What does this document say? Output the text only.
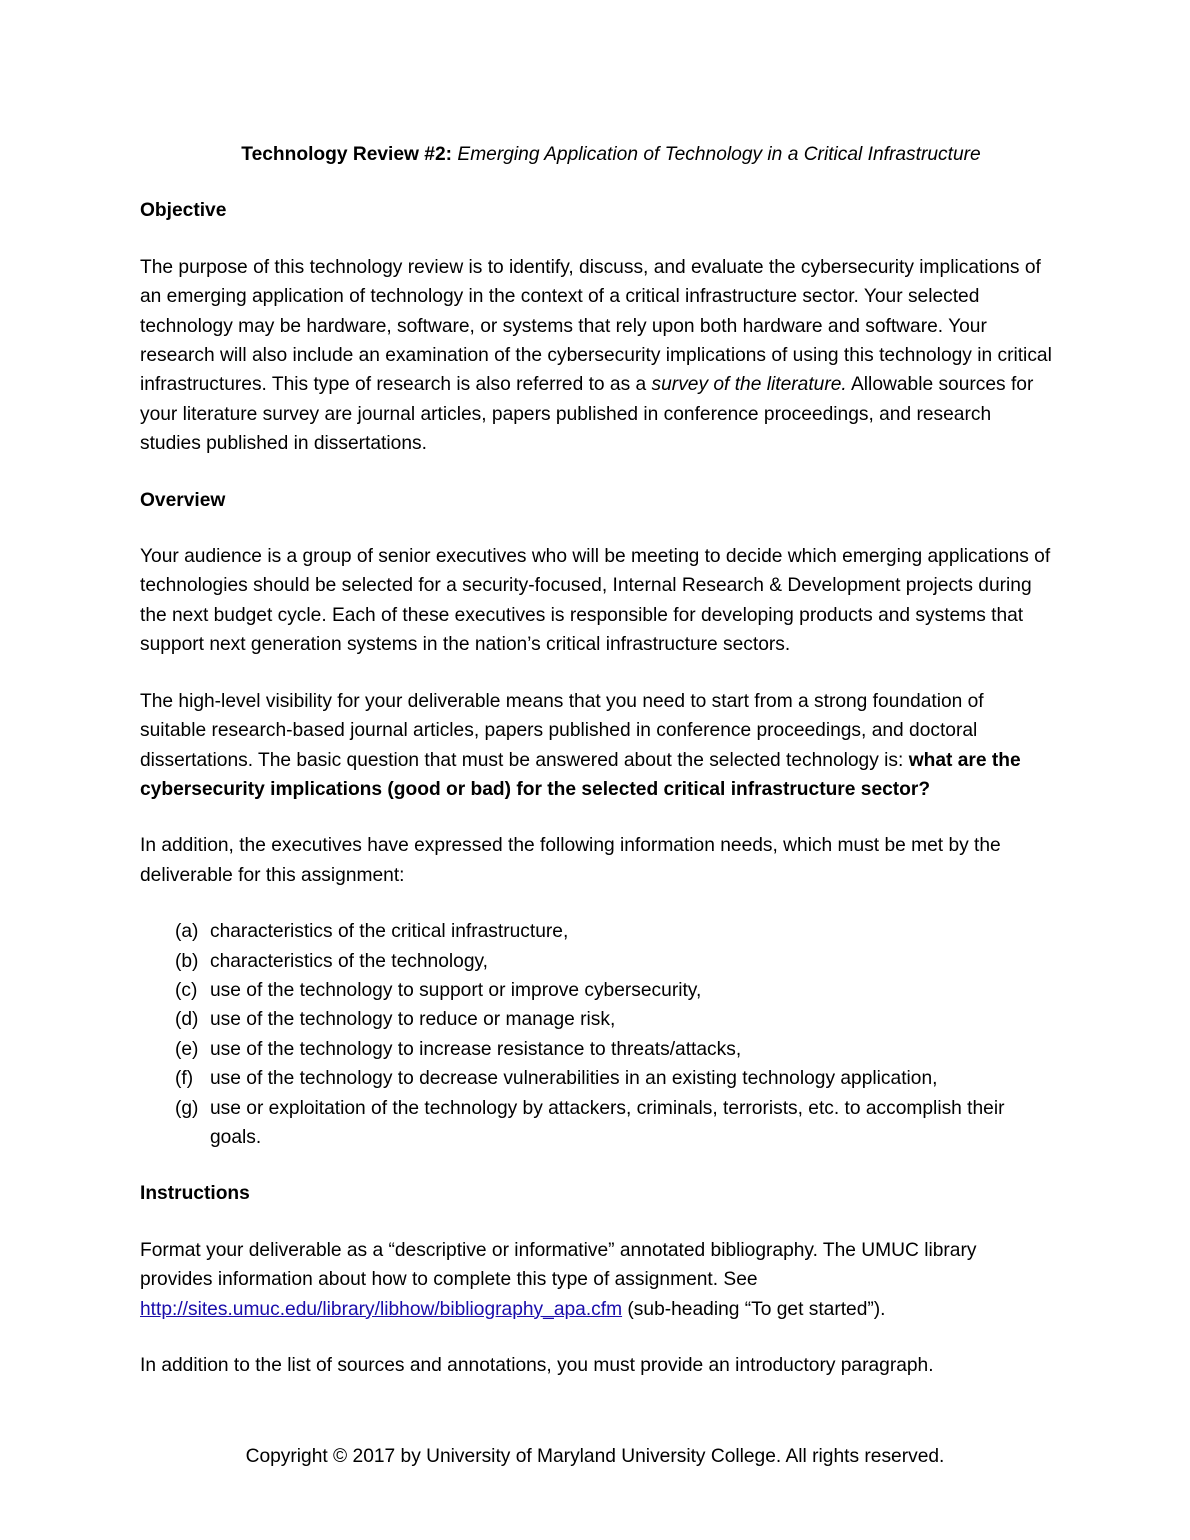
Technology Review #2: Emerging Application of Technology in a Critical Infrastructure

Objective

The purpose of this technology review is to identify, discuss, and evaluate the cybersecurity implications of an emerging application of technology in the context of a critical infrastructure sector. Your selected technology may be hardware, software, or systems that rely upon both hardware and software. Your research will also include an examination of the cybersecurity implications of using this technology in critical infrastructures. This type of research is also referred to as a survey of the literature. Allowable sources for your literature survey are journal articles, papers published in conference proceedings, and research studies published in dissertations.

Overview

Your audience is a group of senior executives who will be meeting to decide which emerging applications of technologies should be selected for a security-focused, Internal Research & Development projects during the next budget cycle. Each of these executives is responsible for developing products and systems that support next generation systems in the nation’s critical infrastructure sectors.

The high-level visibility for your deliverable means that you need to start from a strong foundation of suitable research-based journal articles, papers published in conference proceedings, and doctoral dissertations. The basic question that must be answered about the selected technology is: what are the cybersecurity implications (good or bad) for the selected critical infrastructure sector?

In addition, the executives have expressed the following information needs, which must be met by the deliverable for this assignment:

(a) characteristics of the critical infrastructure,
(b) characteristics of the technology,
(c) use of the technology to support or improve cybersecurity,
(d) use of the technology to reduce or manage risk,
(e) use of the technology to increase resistance to threats/attacks,
(f) use of the technology to decrease vulnerabilities in an existing technology application,
(g) use or exploitation of the technology by attackers, criminals, terrorists, etc. to accomplish their goals.

Instructions

Format your deliverable as a “descriptive or informative” annotated bibliography. The UMUC library provides information about how to complete this type of assignment. See http://sites.umuc.edu/library/libhow/bibliography_apa.cfm (sub-heading “To get started”).

In addition to the list of sources and annotations, you must provide an introductory paragraph.

Copyright © 2017 by University of Maryland University College. All rights reserved.
